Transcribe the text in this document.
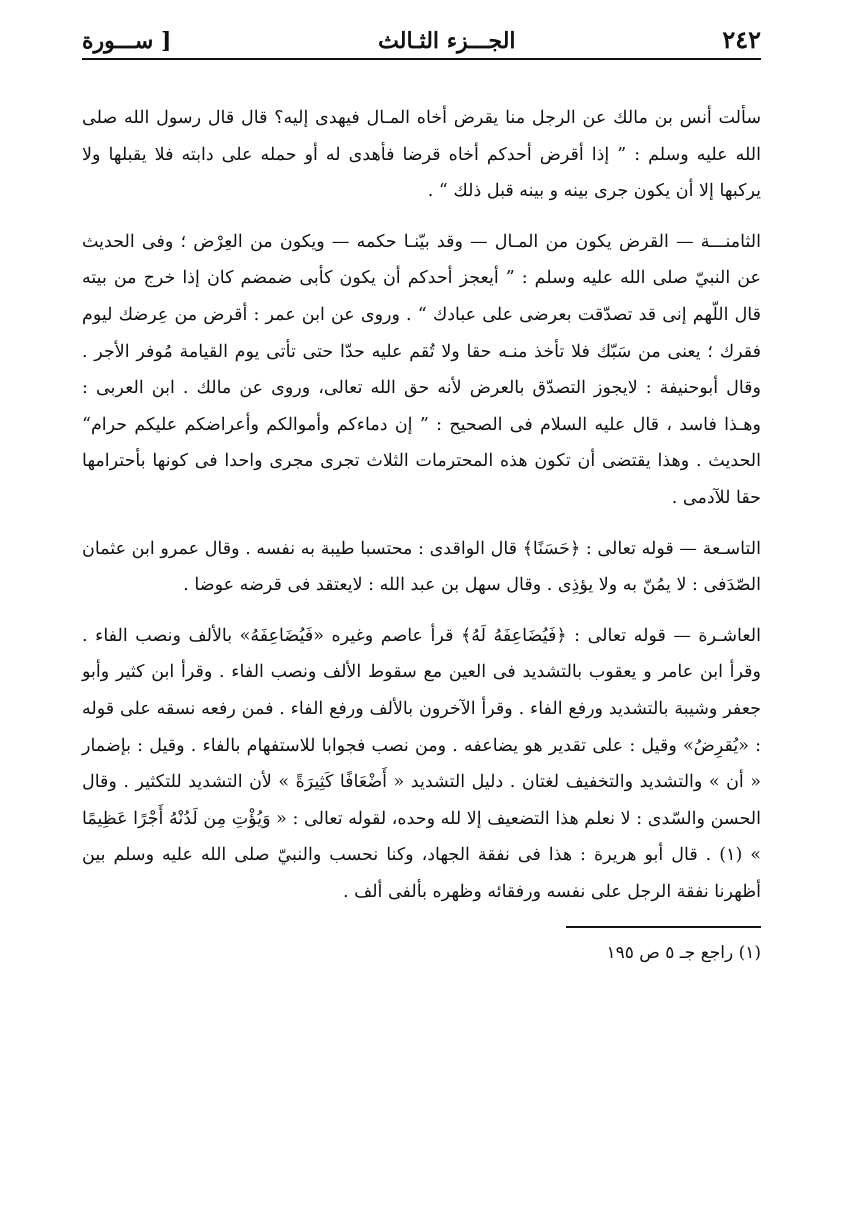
٢٤٢
الجـــزء الثـالث
[ ســـورة

سألت أنس بن مالك عن الرجل منا يقرض أخاه المـال فيهدى إليه؟ قال قال رسول الله صلى الله عليه وسلم : ” إذا أقرض أحدكم أخاه قرضا فأهدى له أو حمله على دابته فلا يقبلها ولا يركبها إلا أن يكون جرى بينه و بينه قبل ذلك “ .

الثامنـــة — القرض يكون من المـال — وقد بيّنـا حكمه — ويكون من العِرْض ؛ وفى الحديث عن النبيّ صلى الله عليه وسلم : ” أيعجز أحدكم أن يكون كأبى ضمضم كان إذا خرج من بيته قال اللّهم إنى قد تصدّقت بعرضى على عبادك “ . وروى عن ابن عمر : أقرض من عِرضك ليوم فقرك ؛ يعنى من سَبّك فلا تأخذ منـه حقا ولا تُقم عليه حدّا حتى تأتى يوم القيامة مُوفر الأجر . وقال أبوحنيفة : لايجوز التصدّق بالعرض لأنه حق الله تعالى، وروى عن مالك . ابن العربى : وهـذا فاسد ، قال عليه السلام فى الصحيح : ” إن دماءكم وأموالكم وأعراضكم عليكم حرام“ الحديث . وهذا يقتضى أن تكون هذه المحترمات الثلاث تجرى مجرى واحدا فى كونها بأحترامها حقا للآدمى .

التاسـعة — قوله تعالى : ﴿حَسَنًا﴾ قال الواقدى : محتسبا طيبة به نفسه . وقال عمرو ابن عثمان الصّدَفى : لا يمُنّ به ولا يؤذِى . وقال سهل بن عبد الله : لايعتقد فى قرضه عوضا .

العاشـرة — قوله تعالى : ﴿فَيُضَاعِفَهُ لَهُ﴾ قرأ عاصم وغيره «فَيُضَاعِفَهُ» بالألف ونصب الفاء . وقرأ ابن عامر و يعقوب بالتشديد فى العين مع سقوط الألف ونصب الفاء . وقرأ ابن كثير وأبو جعفر وشيبة بالتشديد ورفع الفاء . وقرأ الآخرون بالألف ورفع الفاء . فمن رفعه نسقه على قوله : «يُقرِضُ» وقيل : على تقدير هو يضاعفه . ومن نصب فجوابا للاستفهام بالفاء . وقيل : بإضمار « أن » والتشديد والتخفيف لغتان . دليل التشديد « أَضْعَافًا كَثِيرَةً » لأن التشديد للتكثير . وقال الحسن والسّدى : لا نعلم هذا التضعيف إلا لله وحده، لقوله تعالى : « وَيُؤْتِ مِن لَدُنْهُ أَجْرًا عَظِيمًا » (١) . قال أبو هريرة : هذا فى نفقة الجهاد، وكنا نحسب والنبيّ صلى الله عليه وسلم بين أظهرنا نفقة الرجل على نفسه ورفقائه وظهره بألفى ألف .

(١) راجع جـ ٥ ص ١٩٥
